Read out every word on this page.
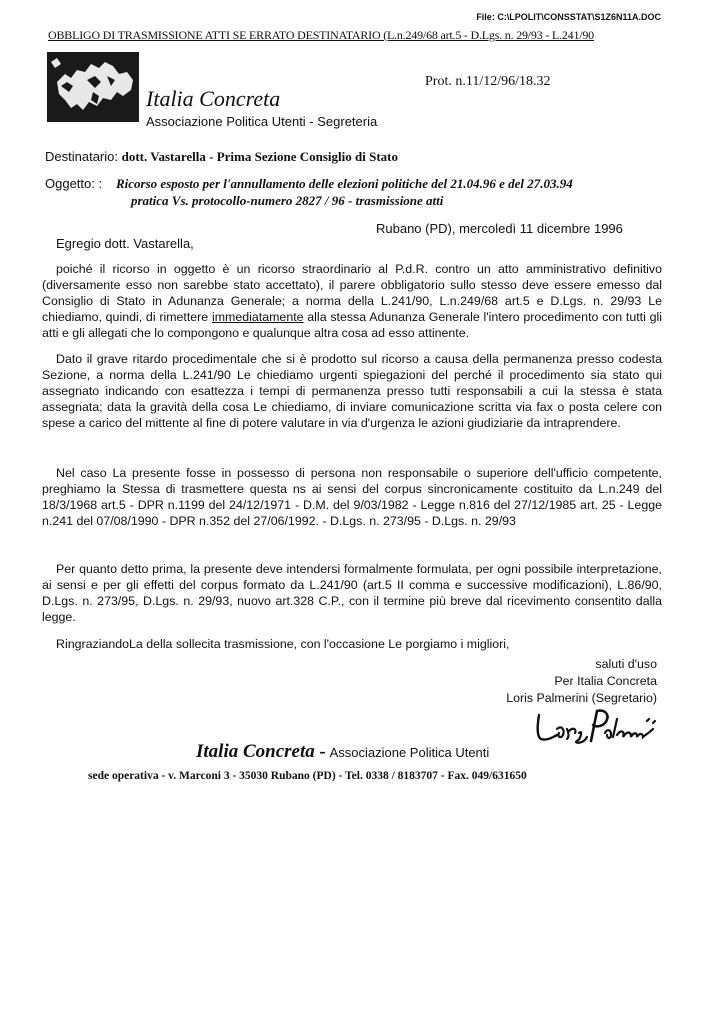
File: C:\LPOLIT\CONSSTAT\S1Z6N11A.DOC
OBBLIGO DI TRASMISSIONE ATTI SE ERRATO DESTINATARIO (L.n.249/68 art.5 - D.Lgs. n. 29/93 - L.241/90
Italia Concreta
Associazione Politica Utenti - Segreteria
Prot. n.11/12/96/18.32
Destinatario: dott. Vastarella - Prima Sezione Consiglio di Stato
Oggetto: : Ricorso esposto per l'annullamento delle elezioni politiche del 21.04.96 e del 27.03.94
pratica Vs. protocollo-numero 2827 / 96 - trasmissione atti
Rubano (PD), mercoledì 11 dicembre 1996
Egregio dott. Vastarella,
poiché il ricorso in oggetto è un ricorso straordinario al P.d.R. contro un atto amministrativo definitivo (diversamente esso non sarebbe stato accettato), il parere obbligatorio sullo stesso deve essere emesso dal Consiglio di Stato in Adunanza Generale; a norma della L.241/90, L.n.249/68 art.5 e D.Lgs. n. 29/93 Le chiediamo, quindi, di rimettere immediatamente alla stessa Adunanza Generale l'intero procedimento con tutti gli atti e gli allegati che lo compongono e qualunque altra cosa ad esso attinente.
Dato il grave ritardo procedimentale che si è prodotto sul ricorso a causa della permanenza presso codesta Sezione, a norma della L.241/90 Le chiediamo urgenti spiegazioni del perché il procedimento sia stato qui assegnato indicando con esattezza i tempi di permanenza presso tutti responsabili a cui la stessa è stata assegnata; data la gravità della cosa Le chiediamo, di inviare comunicazione scritta via fax o posta celere con spese a carico del mittente al fine di potere valutare in via d'urgenza le azioni giudiziarie da intraprendere.
Nel caso La presente fosse in possesso di persona non responsabile o superiore dell'ufficio competente, preghiamo la Stessa di trasmettere questa ns ai sensi del corpus sincronicamente costituito da L.n.249 del 18/3/1968 art.5 - DPR n.1199 del 24/12/1971 - D.M. del 9/03/1982 - Legge n.816 del 27/12/1985 art. 25 - Legge n.241 del 07/08/1990 - DPR n.352 del 27/06/1992. - D.Lgs. n. 273/95 - D.Lgs. n. 29/93
Per quanto detto prima, la presente deve intendersi formalmente formulata, per ogni possibile interpretazione, ai sensi e per gli effetti del corpus formato da L.241/90 (art.5 II comma e successive modificazioni), L.86/90, D.Lgs. n. 273/95, D.Lgs. n. 29/93, nuovo art.328 C.P., con il termine più breve dal ricevimento consentito dalla legge.
RingraziandoLa della sollecita trasmissione, con l'occasione Le porgiamo i migliori,
saluti d'uso
Per Italia Concreta
Loris Palmerini (Segretario)
Italia Concreta - Associazione Politica Utenti
sede operativa - v. Marconi 3 - 35030 Rubano (PD) - Tel. 0338 / 8183707 - Fax. 049/631650
